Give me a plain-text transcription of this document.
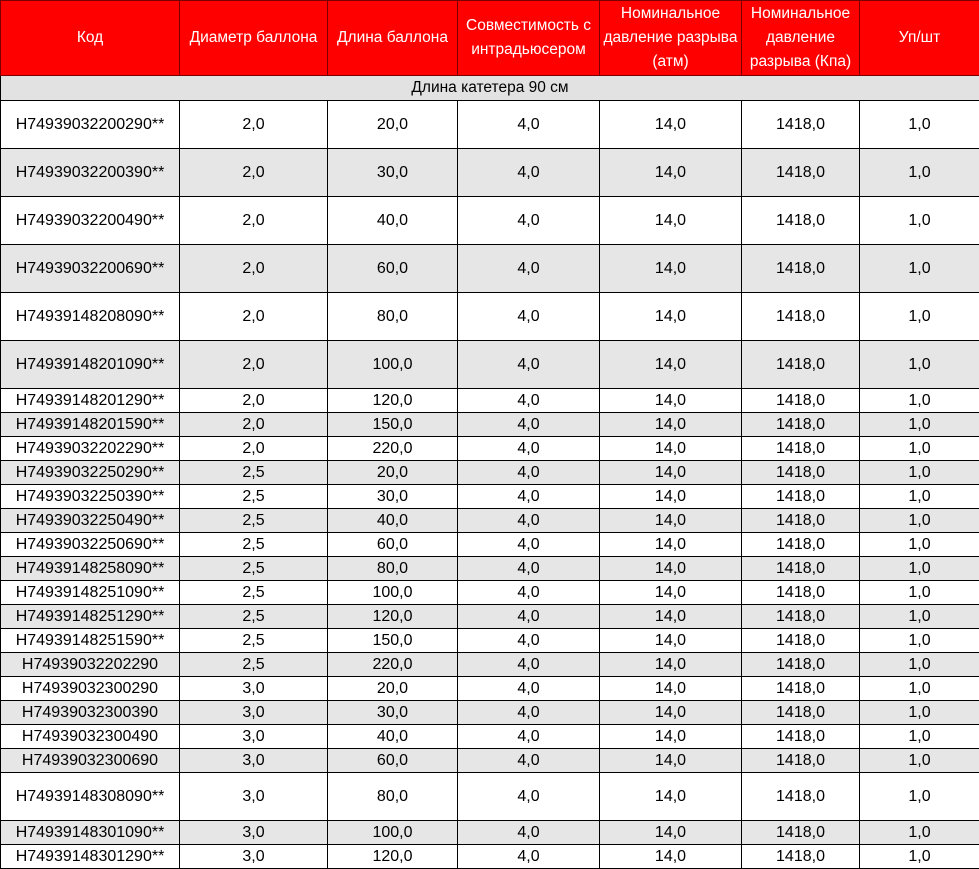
Код	Диаметр баллона	Длина баллона	Совместимость с интрадьюсером	Номинальное давление разрыва (атм)	Номинальное давление разрыва (Кпа)	Уп/шт
Длина катетера 90 см						
H74939032200290**	2,0	20,0	4,0	14,0	1418,0	1,0
H74939032200390**	2,0	30,0	4,0	14,0	1418,0	1,0
H74939032200490**	2,0	40,0	4,0	14,0	1418,0	1,0
H74939032200690**	2,0	60,0	4,0	14,0	1418,0	1,0
H74939148208090**	2,0	80,0	4,0	14,0	1418,0	1,0
H74939148201090**	2,0	100,0	4,0	14,0	1418,0	1,0
H74939148201290**	2,0	120,0	4,0	14,0	1418,0	1,0
H74939148201590**	2,0	150,0	4,0	14,0	1418,0	1,0
H74939032202290**	2,0	220,0	4,0	14,0	1418,0	1,0
H74939032250290**	2,5	20,0	4,0	14,0	1418,0	1,0
H74939032250390**	2,5	30,0	4,0	14,0	1418,0	1,0
H74939032250490**	2,5	40,0	4,0	14,0	1418,0	1,0
H74939032250690**	2,5	60,0	4,0	14,0	1418,0	1,0
H74939148258090**	2,5	80,0	4,0	14,0	1418,0	1,0
H74939148251090**	2,5	100,0	4,0	14,0	1418,0	1,0
H74939148251290**	2,5	120,0	4,0	14,0	1418,0	1,0
H74939148251590**	2,5	150,0	4,0	14,0	1418,0	1,0
H74939032202290	2,5	220,0	4,0	14,0	1418,0	1,0
H74939032300290	3,0	20,0	4,0	14,0	1418,0	1,0
H74939032300390	3,0	30,0	4,0	14,0	1418,0	1,0
H74939032300490	3,0	40,0	4,0	14,0	1418,0	1,0
H74939032300690	3,0	60,0	4,0	14,0	1418,0	1,0
H74939148308090**	3,0	80,0	4,0	14,0	1418,0	1,0
H74939148301090**	3,0	100,0	4,0	14,0	1418,0	1,0
H74939148301290**	3,0	120,0	4,0	14,0	1418,0	1,0
